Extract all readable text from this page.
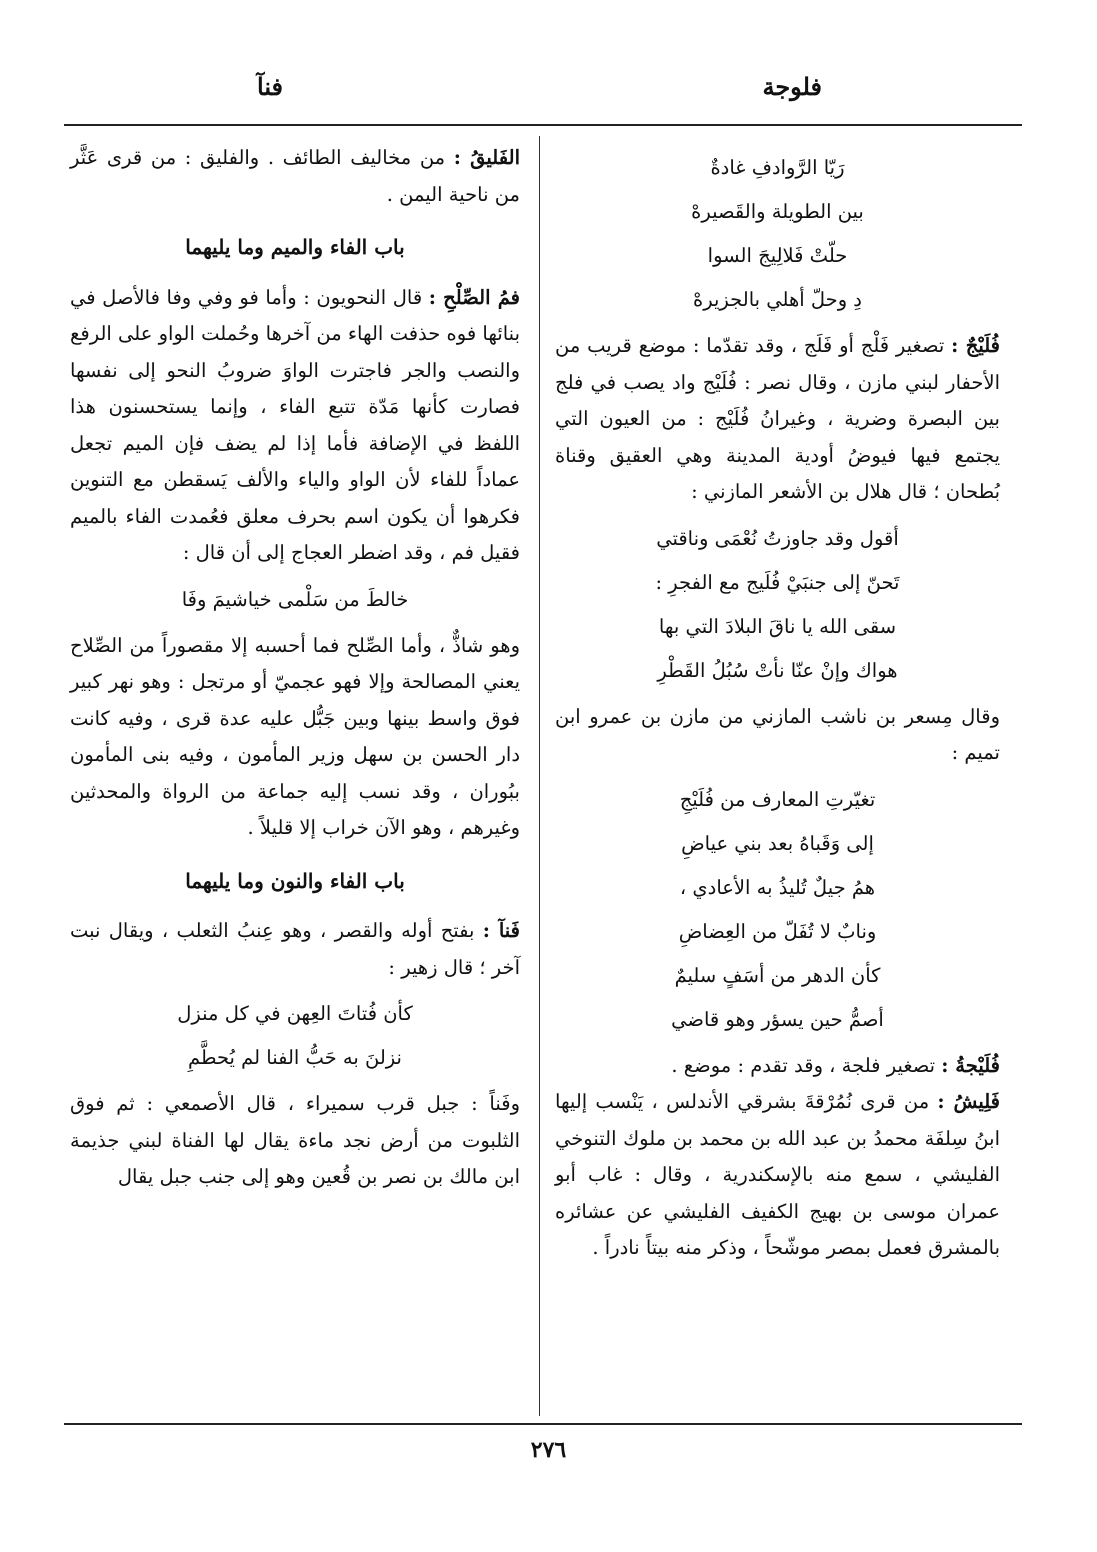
فلوجة
فنآ
رَيّا الرَّوادفِ غادةٌ
بين الطويلة والقَصيرهْ
حلّتْ فَلالِيجَ السوا
دِ وحلّ أهلي بالجزيرهْ

فُلَيْجٌ : تصغير فَلْج أو فَلَج ، وقد تقدّما : موضع قريب من الأحفار لبني مازن ، وقال نصر : فُلَيْج واد يصب في فلج بين البصرة وضرية ، وغيرانُ فُلَيْج : من العيون التي يجتمع فيها فيوضُ أودية المدينة وهي العقيق وقناة بُطحان ؛ قال هلال بن الأشعر المازني :

أقول وقد جاوزتُ نُعْمَى وناقتي
تَحنّ إلى جنبَيْ فُلَيج مع الفجرِ :
سقى الله يا ناقَ البلادَ التي بها
هواك وإنْ عنّا نأتْ سُبُلُ القَطْرِ

وقال مِسعر بن ناشب المازني من مازن بن عمرو ابن تميم :

تغيّرتِ المعارف من فُلَيْجِ
إلى وَقَباهُ بعد بني عياضِ
همُ جيلٌ تُليذُ به الأعادي ،
ونابٌ لا تُفَلّ من العِضاضِ
كأن الدهر من أسَفٍ سليمٌ
أصمُّ حين يسؤر وهو قاضي

فُلَيْجةُ : تصغير فلجة ، وقد تقدم : موضع .

فَلِيشُ : من قرى نُمُرْقةَ بشرقي الأندلس ، يَنْسب إليها ابنُ سِلفَة محمدُ بن عبد الله بن محمد بن ملوك التنوخي الفليشي ، سمع منه بالإسكندرية ، وقال : غاب أبو عمران موسى بن بهيج الكفيف الفليشي عن عشائره بالمشرق فعمل بمصر موشّحاً ، وذكر منه بيتاً نادراً .

الفَليقُ : من مخاليف الطائف . والفليق : من قرى عَثَّر من ناحية اليمن .

باب الفاء والميم وما يليهما

فمُ الصِّلْحِ : قال النحويون : وأما فو وفي وفا فالأصل في بنائها فوه حذفت الهاء من آخرها وحُملت الواو على الرفع والنصب والجر فاجترت الواوَ ضروبُ النحو إلى نفسها فصارت كأنها مَدّة تتبع الفاء ، وإنما يستحسنون هذا اللفظ في الإضافة فأما إذا لم يضف فإن الميم تجعل عماداً للفاء لأن الواو والياء والألف يَسقطن مع التنوين فكرهوا أن يكون اسم بحرف معلق فعُمدت الفاء بالميم فقيل فم ، وقد اضطر العجاج إلى أن قال :

خالطَ من سَلْمى خياشيمَ وفَا

وهو شاذٌّ ، وأما الصِّلح فما أحسبه إلا مقصوراً من الصِّلاح يعني المصالحة وإلا فهو عجميّ أو مرتجل : وهو نهر كبير فوق واسط بينها وبين جَبُّل عليه عدة قرى ، وفيه كانت دار الحسن بن سهل وزير المأمون ، وفيه بنى المأمون ببُوران ، وقد نسب إليه جماعة من الرواة والمحدثين وغيرهم ، وهو الآن خراب إلا قليلاً .

باب الفاء والنون وما يليهما

فَنآ : بفتح أوله والقصر ، وهو عِنبُ الثعلب ، ويقال نبت آخر ؛ قال زهير :

كأن فُتاتَ العِهن في كل منزل
نزلنَ به حَبُّ الفنا لم يُحطَّمِ

وفَناً : جبل قرب سميراء ، قال الأصمعي : ثم فوق الثلبوت من أرض نجد ماءة يقال لها الفناة لبني جذيمة ابن مالك بن نصر بن قُعين وهو إلى جنب جبل يقال

٢٧٦
